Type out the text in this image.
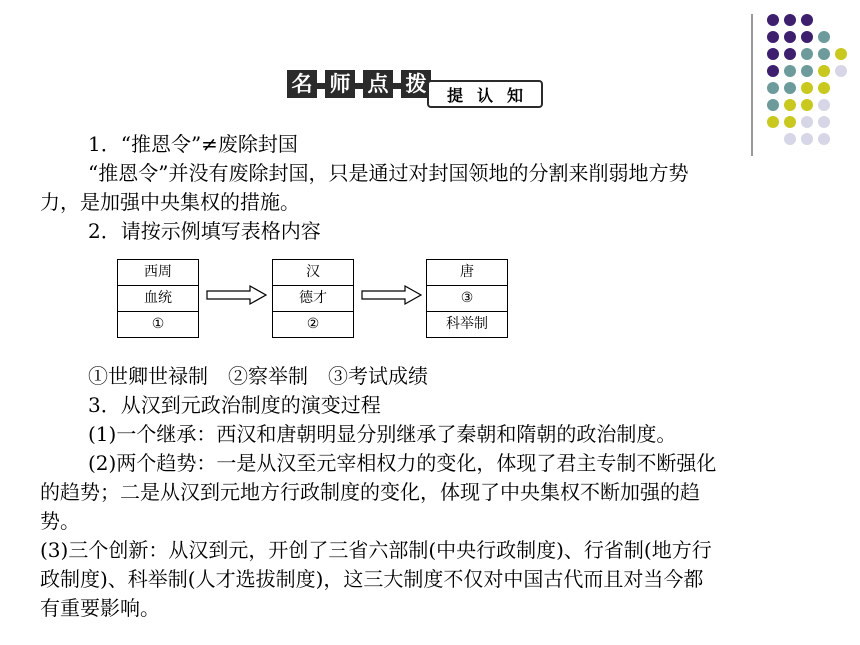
名 师 点 拨 提 认 知
1．“推恩令”≠废除封国
“推恩令”并没有废除封国，只是通过对封国领地的分割来削弱地方势
力，是加强中央集权的措施。
2．请按示例填写表格内容
西周
血统
①
汉
德才
②
唐
③
科举制
①世卿世禄制　②察举制　③考试成绩
3．从汉到元政治制度的演变过程
(1)一个继承：西汉和唐朝明显分别继承了秦朝和隋朝的政治制度。
(2)两个趋势：一是从汉至元宰相权力的变化，体现了君主专制不断强化
的趋势；二是从汉到元地方行政制度的变化，体现了中央集权不断加强的趋
势。
(3)三个创新：从汉到元，开创了三省六部制(中央行政制度)、行省制(地方行
政制度)、科举制(人才选拔制度)，这三大制度不仅对中国古代而且对当今都
有重要影响。
